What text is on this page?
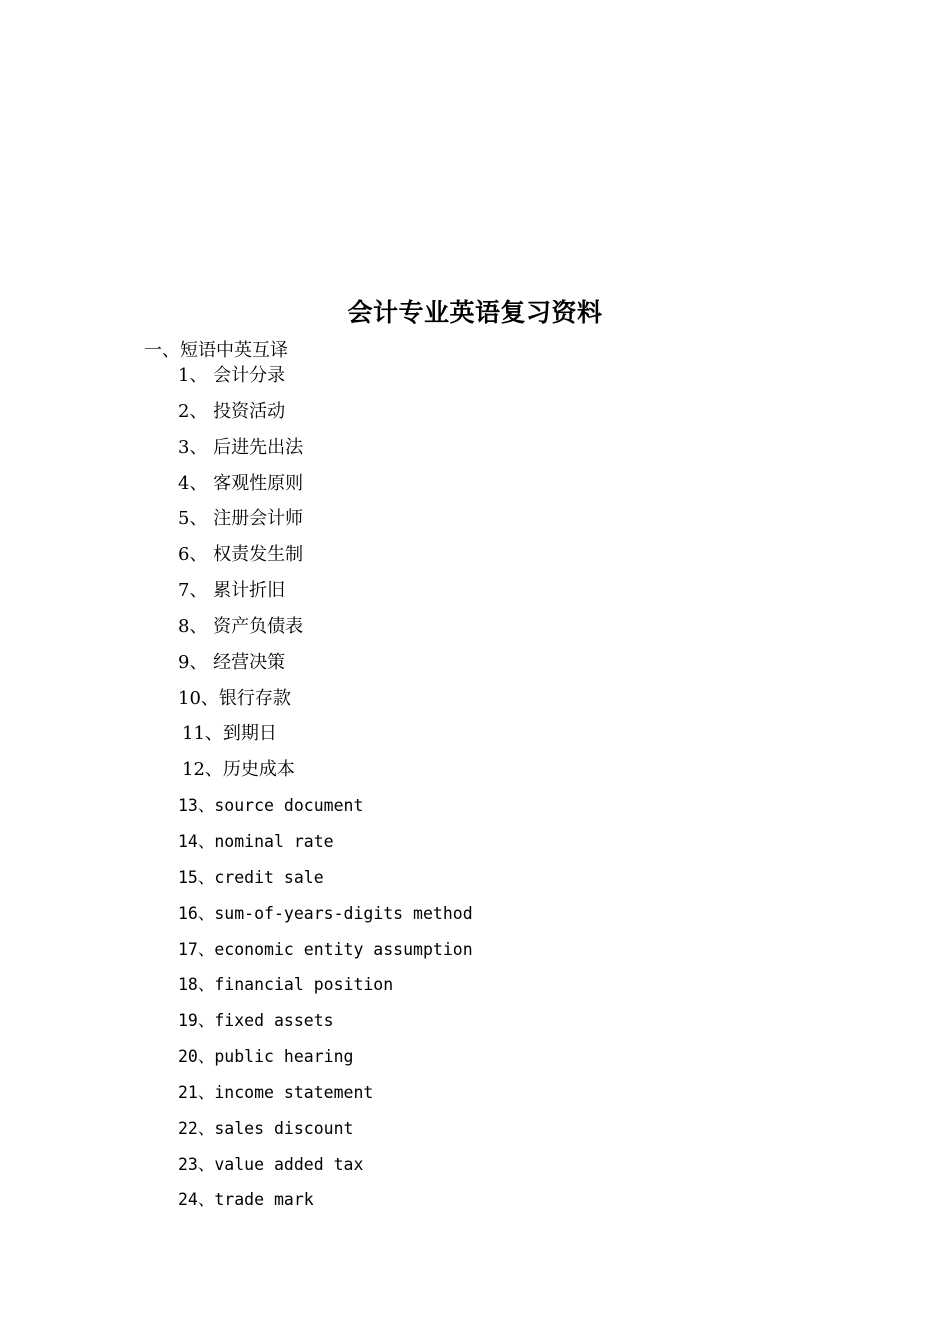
会计专业英语复习资料
一、短语中英互译
1、 会计分录
2、 投资活动
3、 后进先出法
4、 客观性原则
5、 注册会计师
6、 权责发生制
7、 累计折旧
8、 资产负债表
9、 经营决策
10、银行存款
11、到期日
12、历史成本
13、source document
14、nominal rate
15、credit sale
16、sum-of-years-digits method
17、economic entity assumption
18、financial position
19、fixed assets
20、public hearing
21、income statement
22、sales discount
23、value added tax
24、trade mark
